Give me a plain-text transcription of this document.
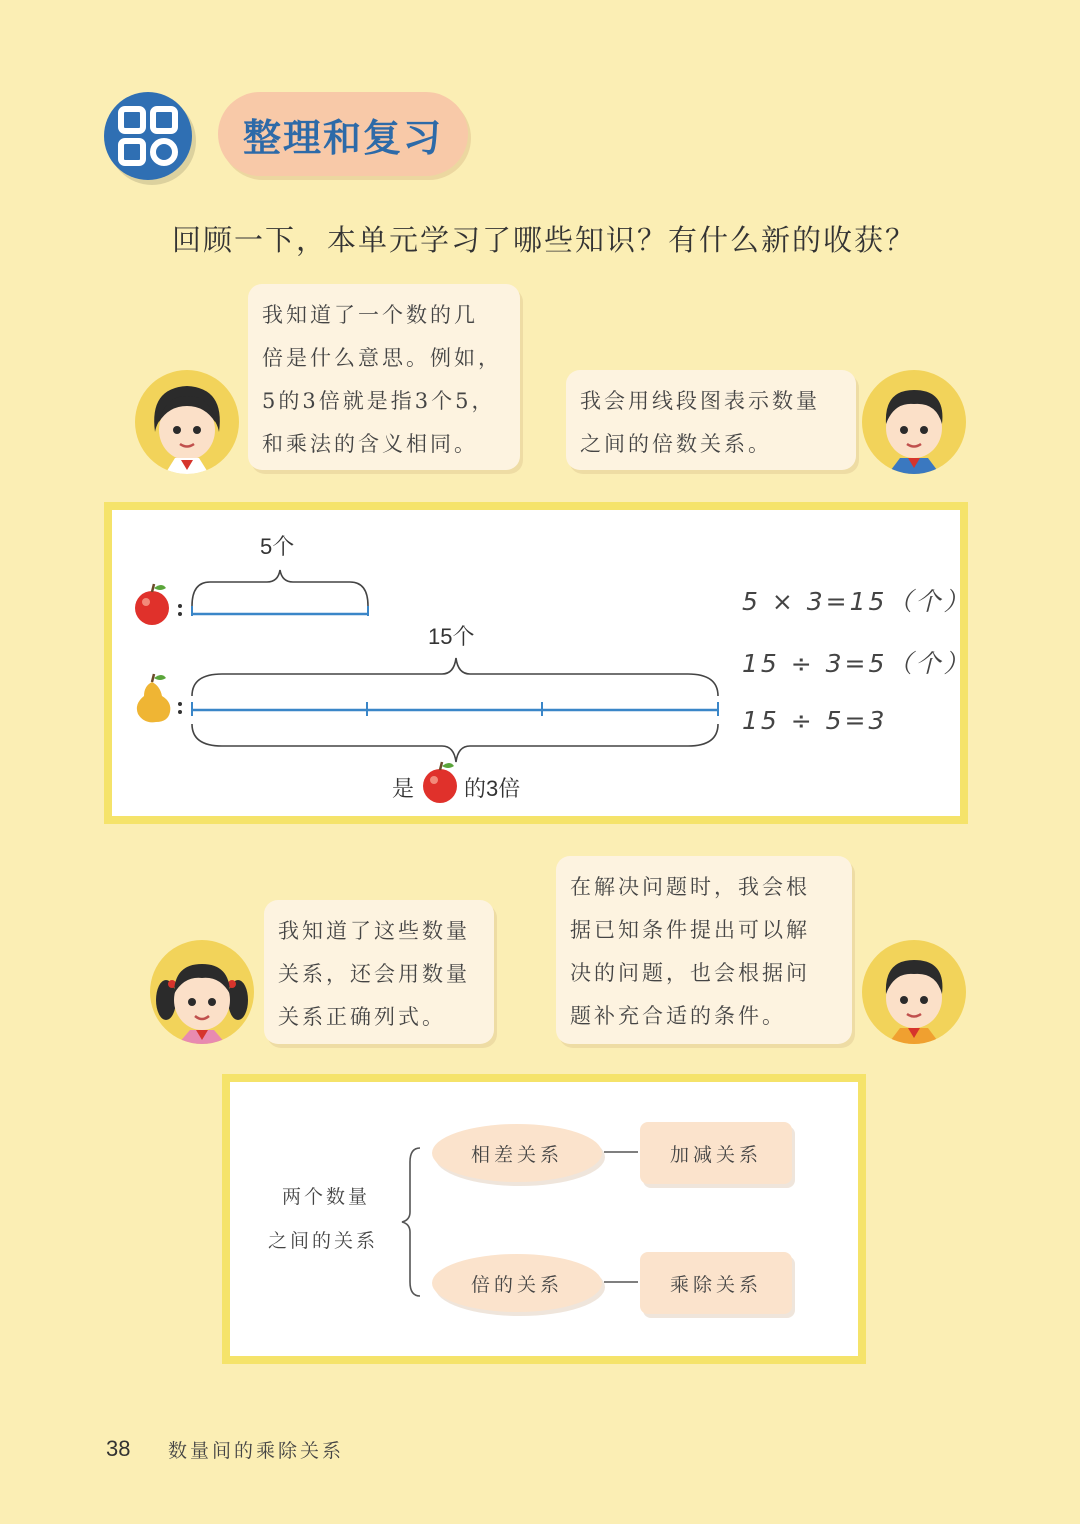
整理和复习
回顾一下，本单元学习了哪些知识？有什么新的收获？

我知道了一个数的几

倍是什么意思。例如，

5的3倍就是指3个5，

和乘法的含义相同。

我会用线段图表示数量

之间的倍数关系。

5个
15个
是 的3倍
5 × 3=15（个）
15 ÷ 3=5（个）
15 ÷ 5=3

我知道了这些数量

关系，还会用数量

关系正确列式。

在解决问题时，我会根

据已知条件提出可以解

决的问题，也会根据问

题补充合适的条件。

两个数量
之间的关系
相差关系	加减关系
倍的关系	乘除关系
38 数量间的乘除关系
